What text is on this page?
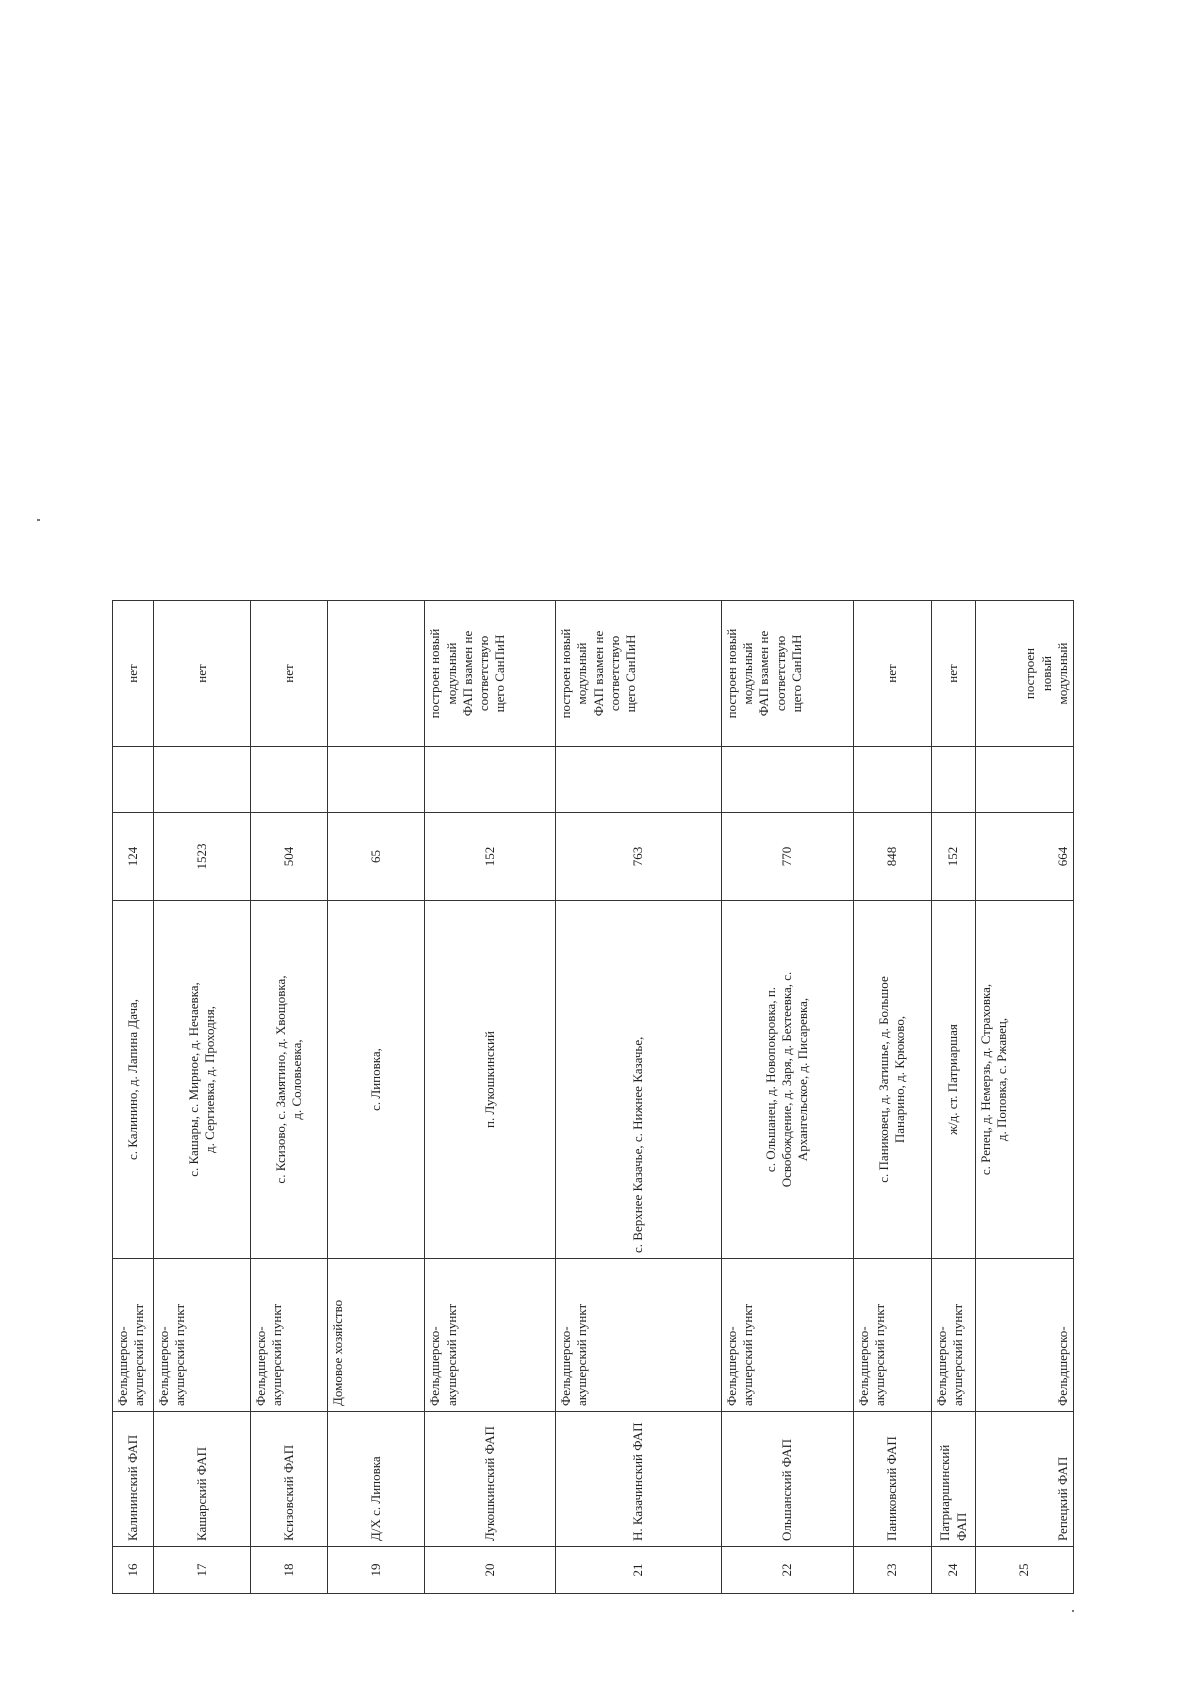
16	Калининский ФАП	Фельдшерско-акушерский пункт	с. Калинино, д. Лапина Дача,	124		нет

17	Кашарский ФАП	Фельдшерско-акушерский пункт	с. Кашары, с. Мирное, д. Нечаевка, д. Сергиевка, д. Проходня,	1523		нет

18	Ксизовский ФАП	Фельдшерско-акушерский пункт	с. Ксизово, с. Замятино, д. Хвощовка, д. Соловьевка,	504		нет

19	Д/Х с. Липовка	Домовое хозяйство	с. Липовка,	65		
20	Лукошкинский ФАП	Фельдшерско-акушерский пункт	п. Лукошкинский	152		построен новый модульный ФАП взамен не соответствую щего СанПиН

21	Н. Казачинский ФАП	Фельдшерско-акушерский пункт	с. Верхнее Казачье, с. Нижнее Казачье,	763		построен новый модульный ФАП взамен не соответствую щего СанПиН

22	Ольшанский ФАП	Фельдшерско-акушерский пункт	с. Ольшанец, д. Новопокровка, п. Освобождение, д. Заря, д. Бехтеевка, с. Архангельское, д. Писаревка,	770		построен новый модульный ФАП взамен не соответствую щего СанПиН

23	Паниковский ФАП	Фельдшерско-акушерский пункт	с. Паниковец, д. Затишье, д. Большое Панарино, д. Крюково,	848		нет

24	Патриаршинский ФАП	Фельдшерско-акушерский пункт	ж/д. ст. Патриаршая	152		нет

25	Репецкий ФАП	Фельдшерско-	с. Репец, д. Немерзь, д. Страховка, д. Поповка, с. Ржавец,	664		построен новый модульный
